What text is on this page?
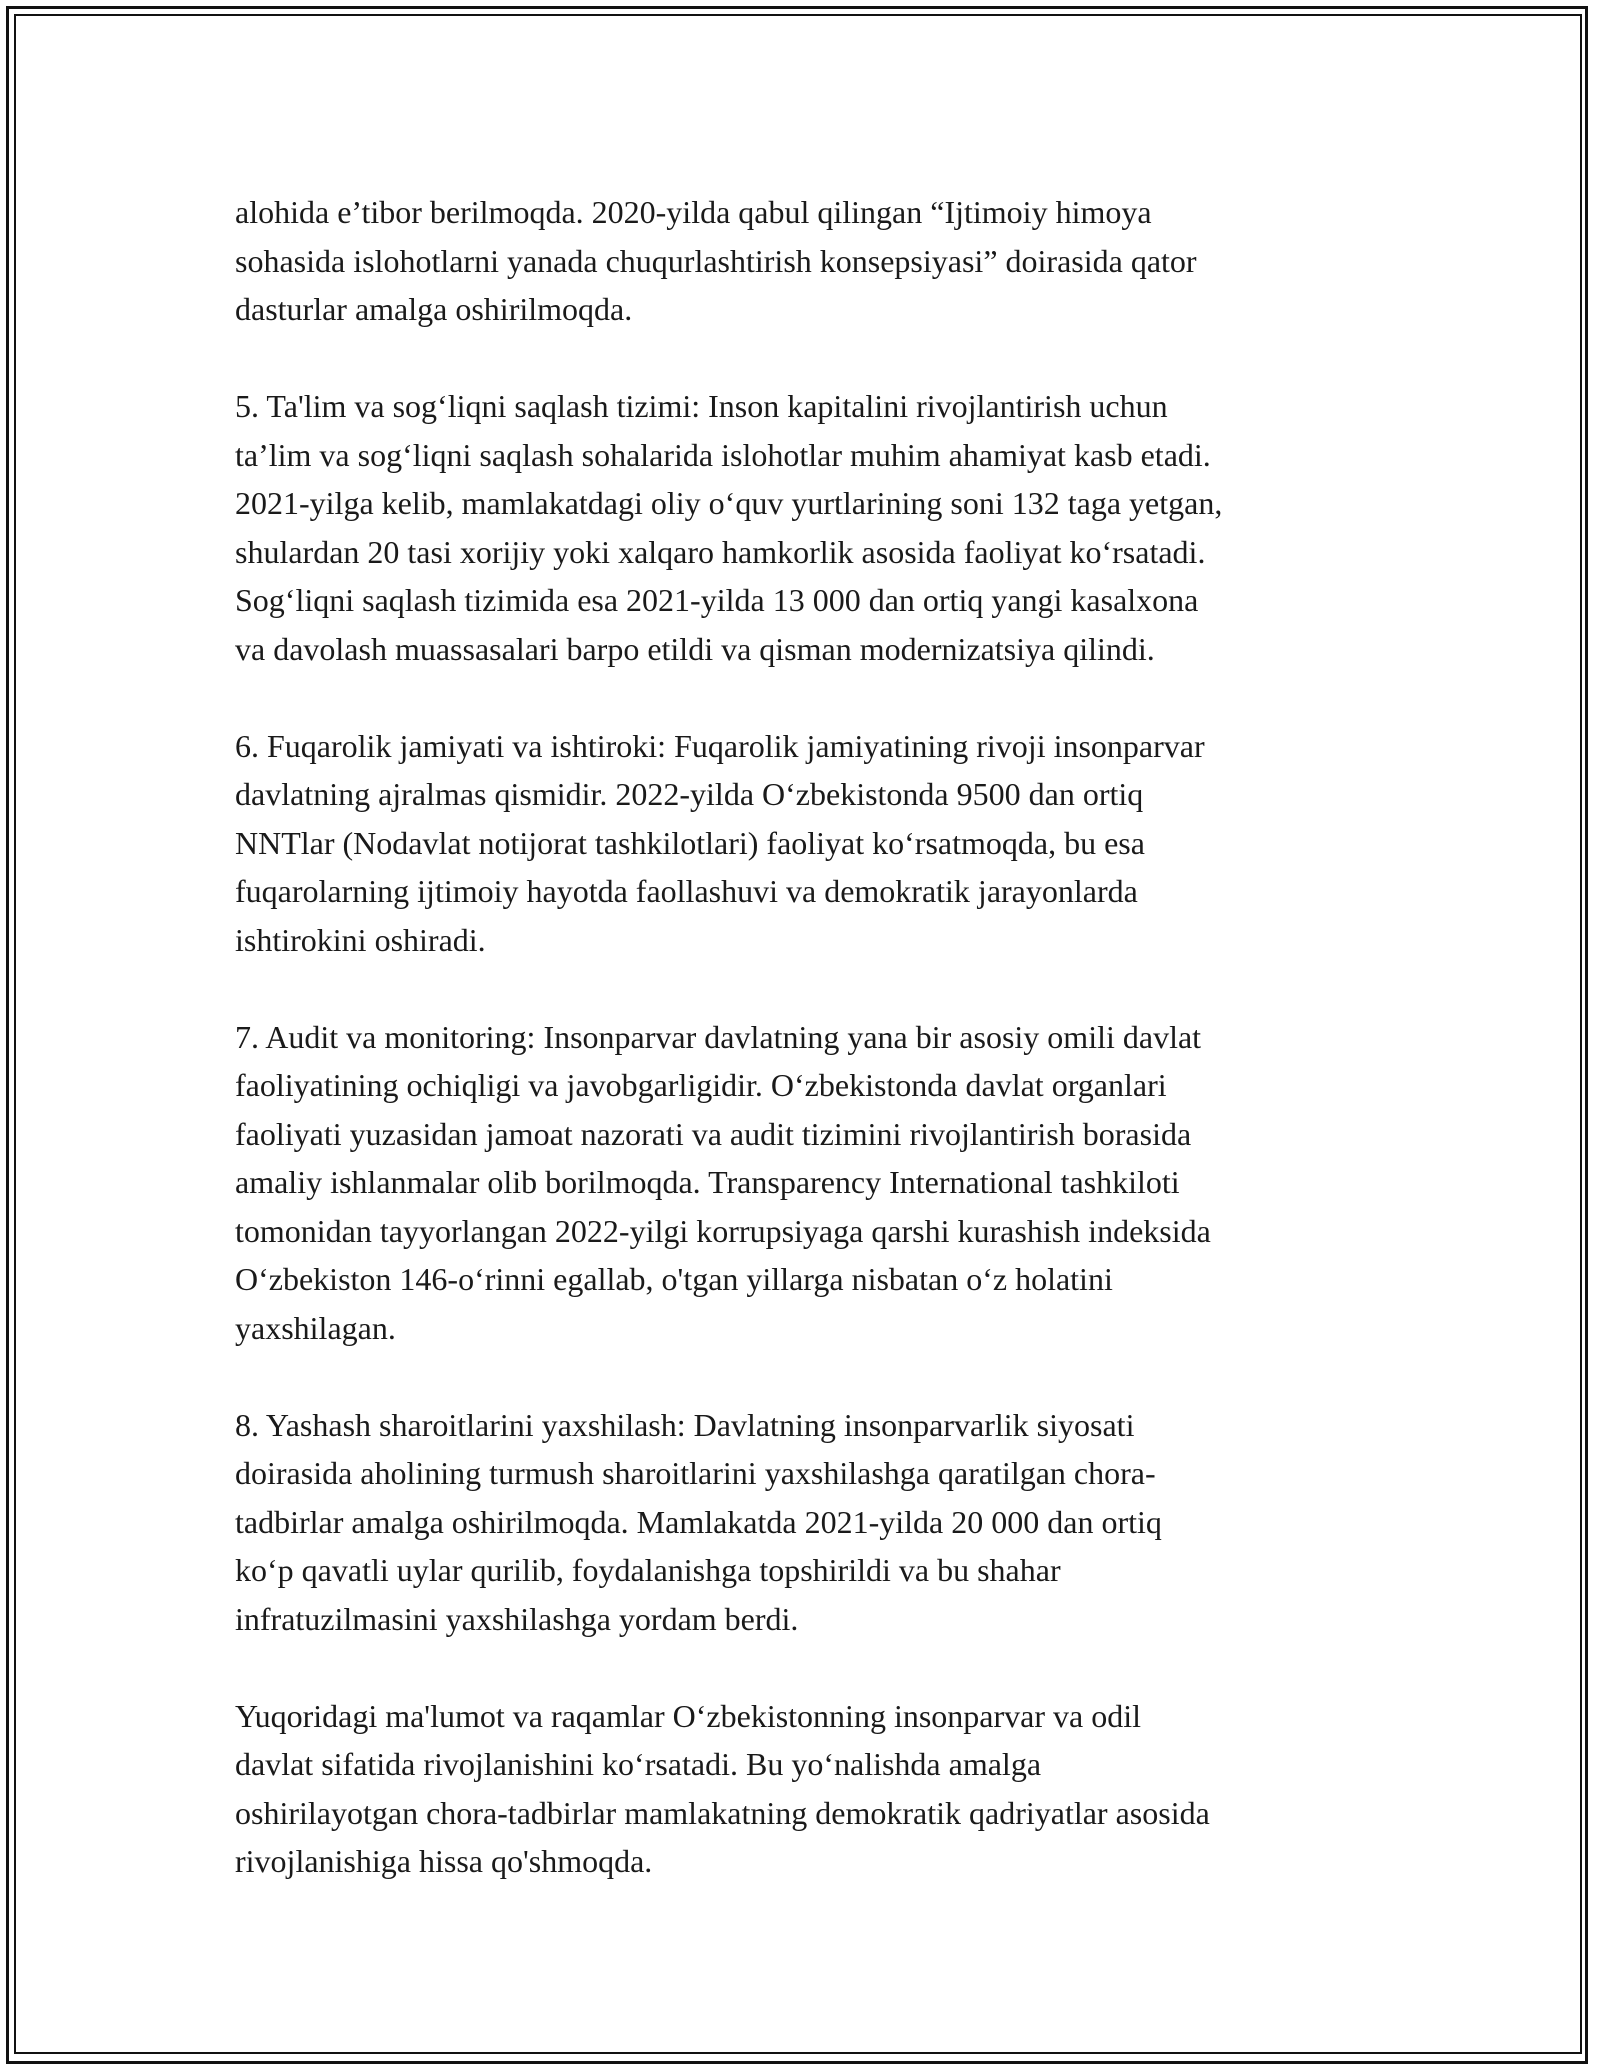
alohida e’tibor berilmoqda. 2020-yilda qabul qilingan “Ijtimoiy himoya
sohasida islohotlarni yanada chuqurlashtirish konsepsiyasi” doirasida qator
dasturlar amalga oshirilmoqda.

5. Ta'lim va sog‘liqni saqlash tizimi: Inson kapitalini rivojlantirish uchun
ta’lim va sog‘liqni saqlash sohalarida islohotlar muhim ahamiyat kasb etadi.
2021-yilga kelib, mamlakatdagi oliy o‘quv yurtlarining soni 132 taga yetgan,
shulardan 20 tasi xorijiy yoki xalqaro hamkorlik asosida faoliyat ko‘rsatadi.
Sog‘liqni saqlash tizimida esa 2021-yilda 13 000 dan ortiq yangi kasalxona
va davolash muassasalari barpo etildi va qisman modernizatsiya qilindi.

6. Fuqarolik jamiyati va ishtiroki: Fuqarolik jamiyatining rivoji insonparvar
davlatning ajralmas qismidir. 2022-yilda O‘zbekistonda 9500 dan ortiq
NNTlar (Nodavlat notijorat tashkilotlari) faoliyat ko‘rsatmoqda, bu esa
fuqarolarning ijtimoiy hayotda faollashuvi va demokratik jarayonlarda
ishtirokini oshiradi.

7. Audit va monitoring: Insonparvar davlatning yana bir asosiy omili davlat
faoliyatining ochiqligi va javobgarligidir. O‘zbekistonda davlat organlari
faoliyati yuzasidan jamoat nazorati va audit tizimini rivojlantirish borasida
amaliy ishlanmalar olib borilmoqda. Transparency International tashkiloti
tomonidan tayyorlangan 2022-yilgi korrupsiyaga qarshi kurashish indeksida
O‘zbekiston 146-o‘rinni egallab, o'tgan yillarga nisbatan o‘z holatini
yaxshilagan.

8. Yashash sharoitlarini yaxshilash: Davlatning insonparvarlik siyosati
doirasida aholining turmush sharoitlarini yaxshilashga qaratilgan chora-
tadbirlar amalga oshirilmoqda. Mamlakatda 2021-yilda 20 000 dan ortiq
ko‘p qavatli uylar qurilib, foydalanishga topshirildi va bu shahar
infratuzilmasini yaxshilashga yordam berdi.

Yuqoridagi ma'lumot va raqamlar O‘zbekistonning insonparvar va odil
davlat sifatida rivojlanishini ko‘rsatadi. Bu yo‘nalishda amalga
oshirilayotgan chora-tadbirlar mamlakatning demokratik qadriyatlar asosida
rivojlanishiga hissa qo'shmoqda.
